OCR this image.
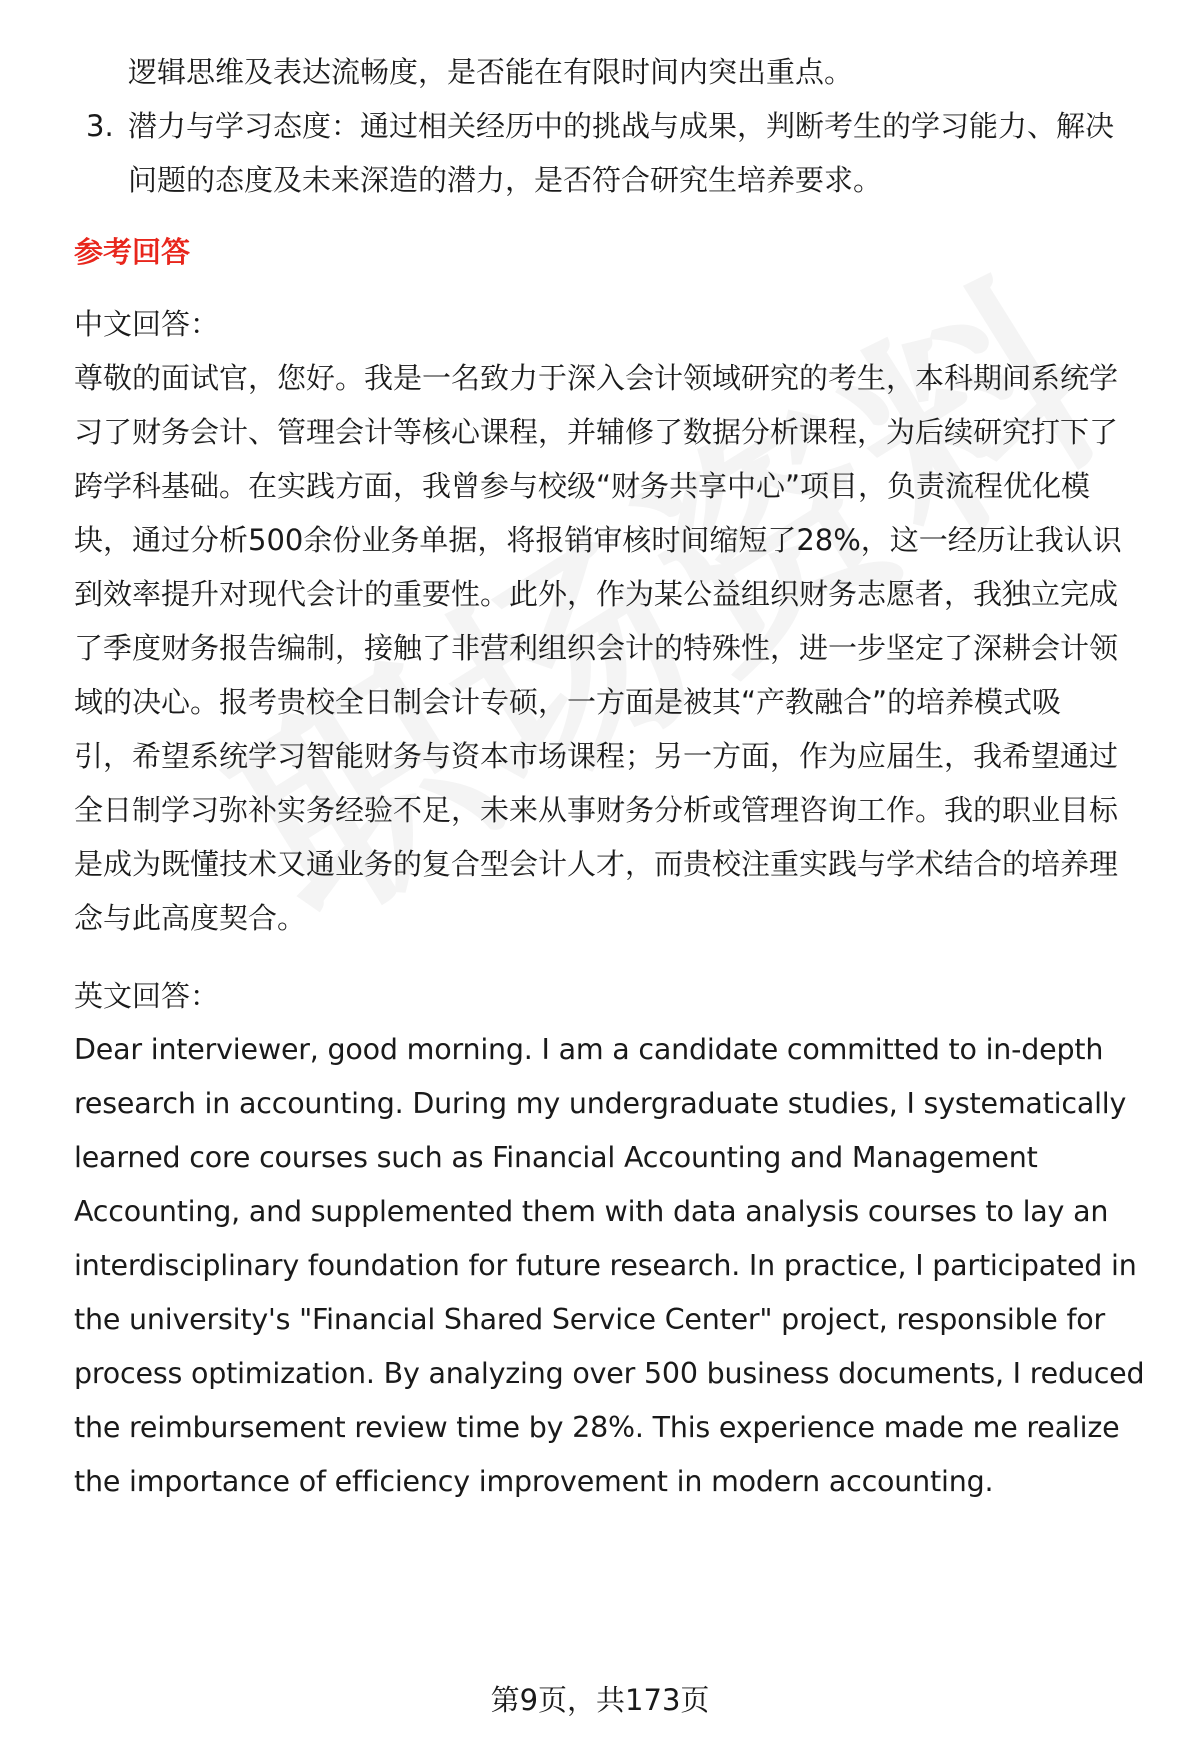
逻辑思维及表达流畅度，是否能在有限时间内突出重点。
3. 潜力与学习态度：通过相关经历中的挑战与成果，判断考生的学习能力、解决
问题的态度及未来深造的潜力，是否符合研究生培养要求。
参考回答
中文回答：
尊敬的面试官，您好。我是一名致力于深入会计领域研究的考生，本科期间系统学
习了财务会计、管理会计等核心课程，并辅修了数据分析课程，为后续研究打下了
跨学科基础。在实践方面，我曾参与校级“财务共享中心”项目，负责流程优化模
块，通过分析500余份业务单据，将报销审核时间缩短了28%，这一经历让我认识
到效率提升对现代会计的重要性。此外，作为某公益组织财务志愿者，我独立完成
了季度财务报告编制，接触了非营利组织会计的特殊性，进一步坚定了深耕会计领
域的决心。报考贵校全日制会计专硕，一方面是被其“产教融合”的培养模式吸
引，希望系统学习智能财务与资本市场课程；另一方面，作为应届生，我希望通过
全日制学习弥补实务经验不足，未来从事财务分析或管理咨询工作。我的职业目标
是成为既懂技术又通业务的复合型会计人才，而贵校注重实践与学术结合的培养理
念与此高度契合。
英文回答：
Dear interviewer, good morning. I am a candidate committed to in-depth
research in accounting. During my undergraduate studies, I systematically
learned core courses such as Financial Accounting and Management
Accounting, and supplemented them with data analysis courses to lay an
interdisciplinary foundation for future research. In practice, I participated in
the university's "Financial Shared Service Center" project, responsible for
process optimization. By analyzing over 500 business documents, I reduced
the reimbursement review time by 28%. This experience made me realize
the importance of efficiency improvement in modern accounting.
第9页，共173页
